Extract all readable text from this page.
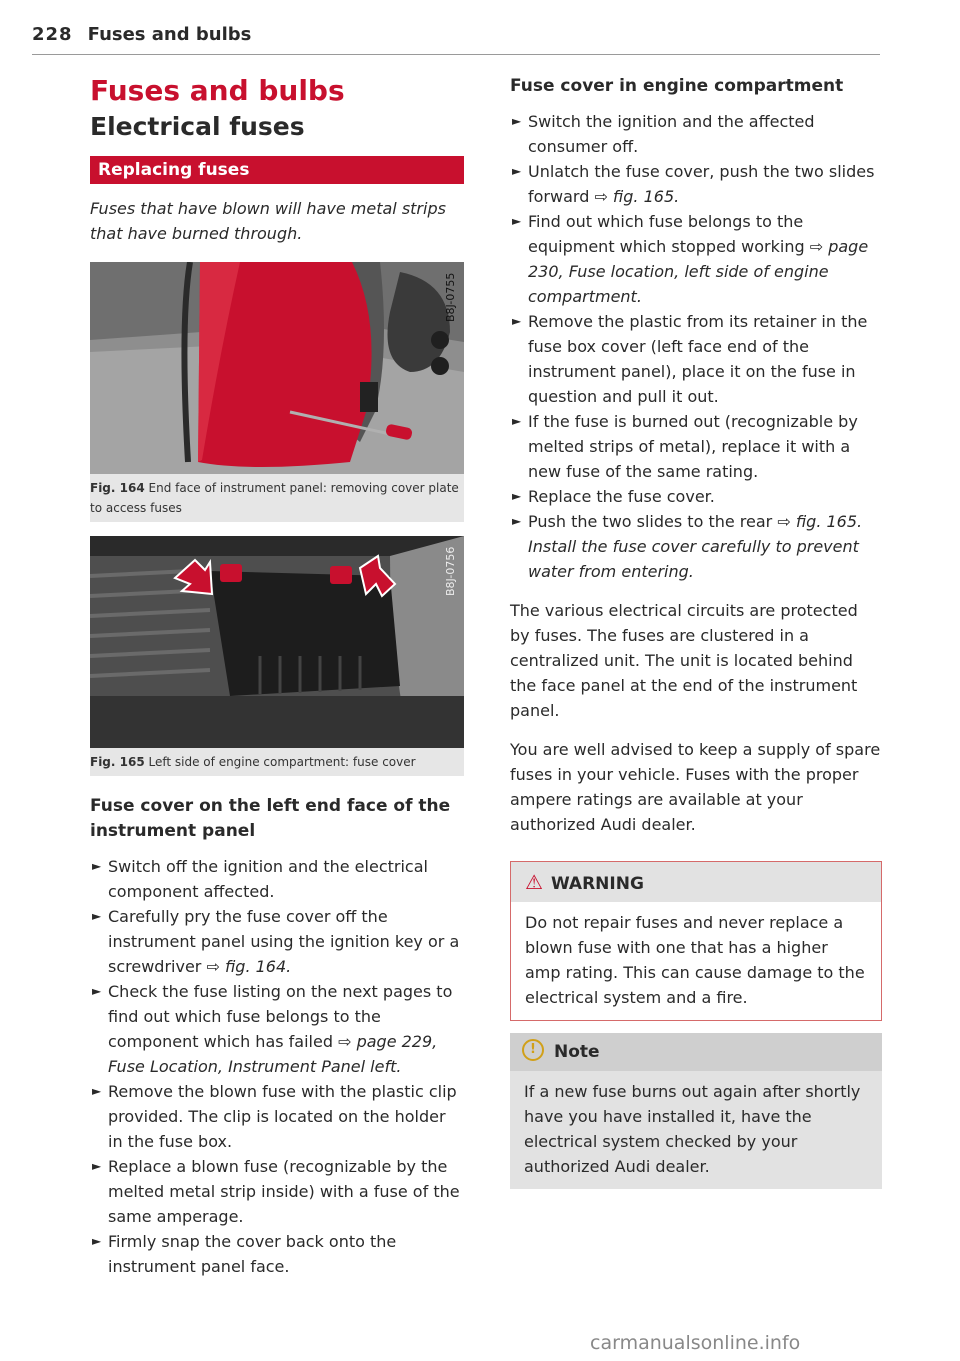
228 Fuses and bulbs
Fuses and bulbs
Electrical fuses
Replacing fuses
Fuses that have blown will have metal strips that have burned through.
B8J-0755
Fig. 164 End face of instrument panel: removing cover plate to access fuses
B8J-0756
Fig. 165 Left side of engine compartment: fuse cover
Fuse cover on the left end face of the instrument panel
► Switch off the ignition and the electrical component affected.
► Carefully pry the fuse cover off the instrument panel using the ignition key or a screwdriver ⇨ fig. 164.
► Check the fuse listing on the next pages to find out which fuse belongs to the component which has failed ⇨ page 229, Fuse Location, Instrument Panel left.
► Remove the blown fuse with the plastic clip provided. The clip is located on the holder in the fuse box.
► Replace a blown fuse (recognizable by the melted metal strip inside) with a fuse of the same amperage.
► Firmly snap the cover back onto the instrument panel face.
Fuse cover in engine compartment
► Switch the ignition and the affected consumer off.
► Unlatch the fuse cover, push the two slides forward ⇨ fig. 165.
► Find out which fuse belongs to the equipment which stopped working ⇨ page 230, Fuse location, left side of engine compartment.
► Remove the plastic from its retainer in the fuse box cover (left face end of the instrument panel), place it on the fuse in question and pull it out.
► If the fuse is burned out (recognizable by melted strips of metal), replace it with a new fuse of the same rating.
► Replace the fuse cover.
► Push the two slides to the rear ⇨ fig. 165. Install the fuse cover carefully to prevent water from entering.

The various electrical circuits are protected by fuses. The fuses are clustered in a centralized unit. The unit is located behind the face panel at the end of the instrument panel.

You are well advised to keep a supply of spare fuses in your vehicle. Fuses with the proper ampere ratings are available at your authorized Audi dealer.

⚠ WARNING
Do not repair fuses and never replace a blown fuse with one that has a higher amp rating. This can cause damage to the electrical system and a fire.
! Note
If a new fuse burns out again after shortly have you have installed it, have the electrical system checked by your authorized Audi dealer.
carmanualsonline.info
